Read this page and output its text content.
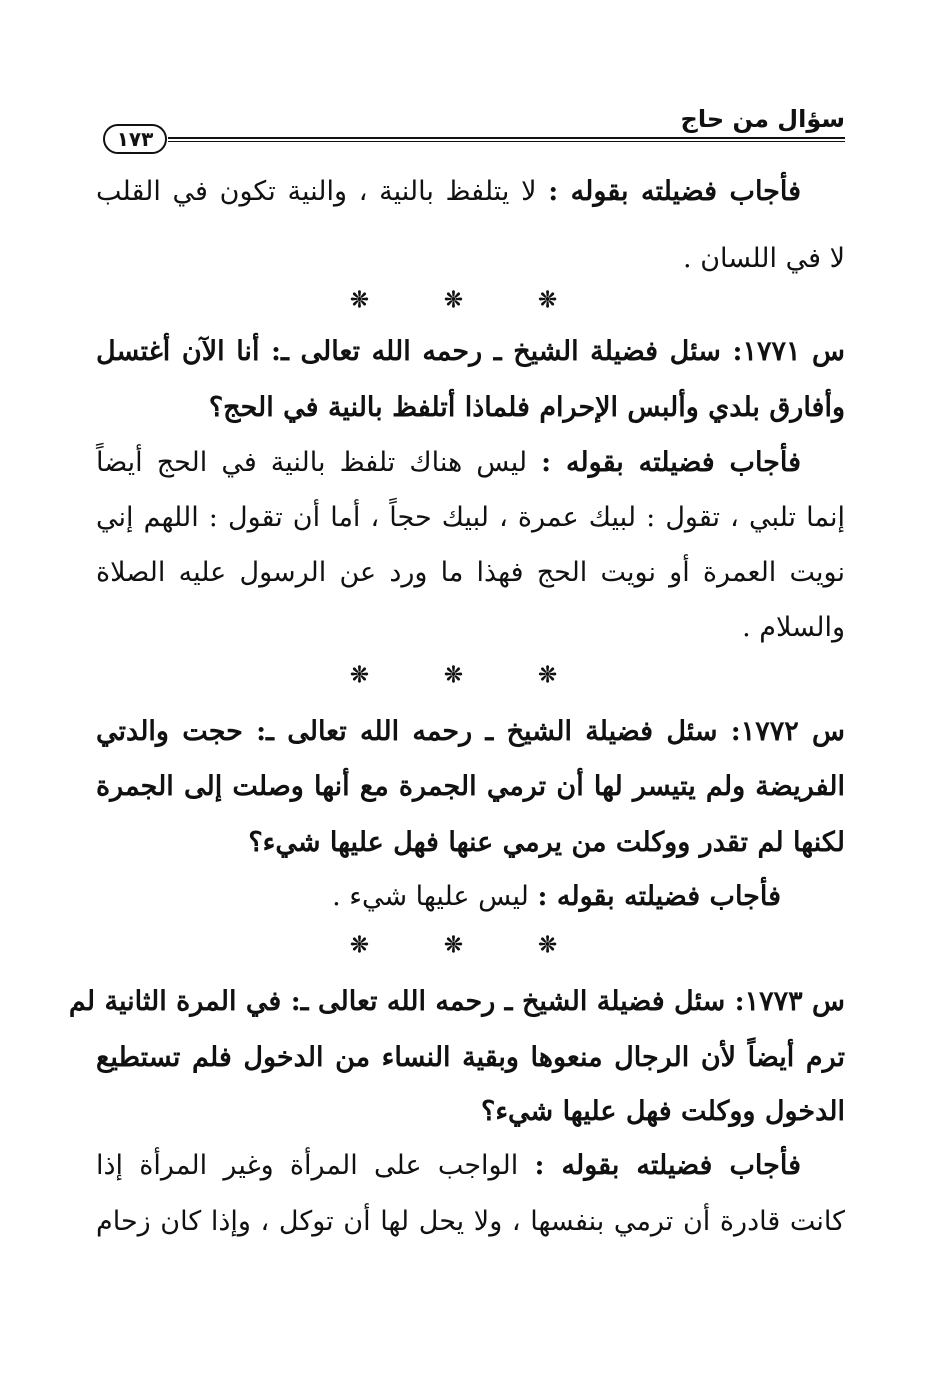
سؤال من حاج
١٧٣
فأجاب فضيلته بقوله : لا يتلفظ بالنية ، والنية تكون في القلب
لا في اللسان .
❊ ❊ ❊
س ١٧٧١: سئل فضيلة الشيخ ـ رحمه الله تعالى ـ: أنا الآن أغتسل
وأفارق بلدي وألبس الإحرام فلماذا أتلفظ بالنية في الحج؟
فأجاب فضيلته بقوله : ليس هناك تلفظ بالنية في الحج أيضاً
إنما تلبي ، تقول : لبيك عمرة ، لبيك حجاً ، أما أن تقول : اللهم إني
نويت العمرة أو نويت الحج فهذا ما ورد عن الرسول عليه الصلاة
والسلام .
❊ ❊ ❊
س ١٧٧٢: سئل فضيلة الشيخ ـ رحمه الله تعالى ـ: حجت والدتي
الفريضة ولم يتيسر لها أن ترمي الجمرة مع أنها وصلت إلى الجمرة
لكنها لم تقدر ووكلت من يرمي عنها فهل عليها شيء؟
فأجاب فضيلته بقوله : ليس عليها شيء .
❊ ❊ ❊
س ١٧٧٣: سئل فضيلة الشيخ ـ رحمه الله تعالى ـ: في المرة الثانية لم
ترم أيضاً لأن الرجال منعوها وبقية النساء من الدخول فلم تستطيع
الدخول ووكلت فهل عليها شيء؟
فأجاب فضيلته بقوله : الواجب على المرأة وغير المرأة إذا
كانت قادرة أن ترمي بنفسها ، ولا يحل لها أن توكل ، وإذا كان زحام
